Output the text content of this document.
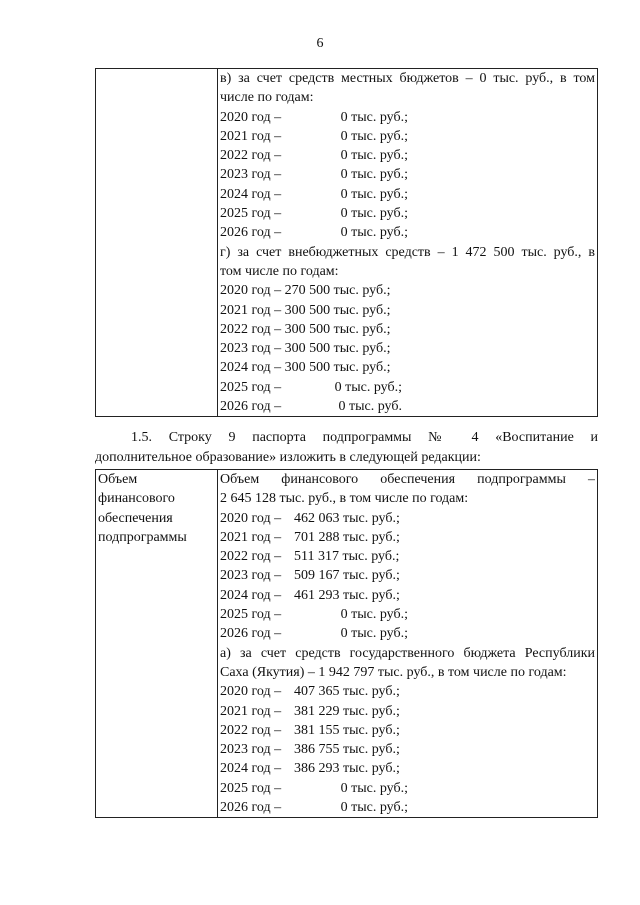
6

в) за счет средств местных бюджетов – 0 тыс. руб., в том
числе по годам:
2020 год –	0 тыс. руб.;
2021 год –	0 тыс. руб.;
2022 год –	0 тыс. руб.;
2023 год –	0 тыс. руб.;
2024 год –	0 тыс. руб.;
2025 год –	0 тыс. руб.;
2026 год –	0 тыс. руб.;
г) за счет внебюджетных средств – 1 472 500 тыс. руб., в
том числе по годам:
2020 год – 270 500 тыс. руб.;
2021 год – 300 500 тыс. руб.;
2022 год – 300 500 тыс. руб.;
2023 год – 300 500 тыс. руб.;
2024 год – 300 500 тыс. руб.;
2025 год –	0 тыс. руб.;
2026 год –	0 тыс. руб.
1.5. Строку 9 паспорта подпрограммы № 4 «Воспитание и
дополнительное образование» изложить в следующей редакции:
Объем
финансового
обеспечения
подпрограммы

Объем финансового обеспечения подпрограммы –
2 645 128 тыс. руб., в том числе по годам:
2020 год – 462 063 тыс. руб.;
2021 год – 701 288 тыс. руб.;
2022 год – 511 317 тыс. руб.;
2023 год – 509 167 тыс. руб.;
2024 год – 461 293 тыс. руб.;
2025 год –	0 тыс. руб.;
2026 год –	0 тыс. руб.;
а) за счет средств государственного бюджета Республики
Саха (Якутия) – 1 942 797 тыс. руб., в том числе по годам:
2020 год – 407 365 тыс. руб.;
2021 год – 381 229 тыс. руб.;
2022 год – 381 155 тыс. руб.;
2023 год – 386 755 тыс. руб.;
2024 год – 386 293 тыс. руб.;
2025 год –	0 тыс. руб.;
2026 год –	0 тыс. руб.;
